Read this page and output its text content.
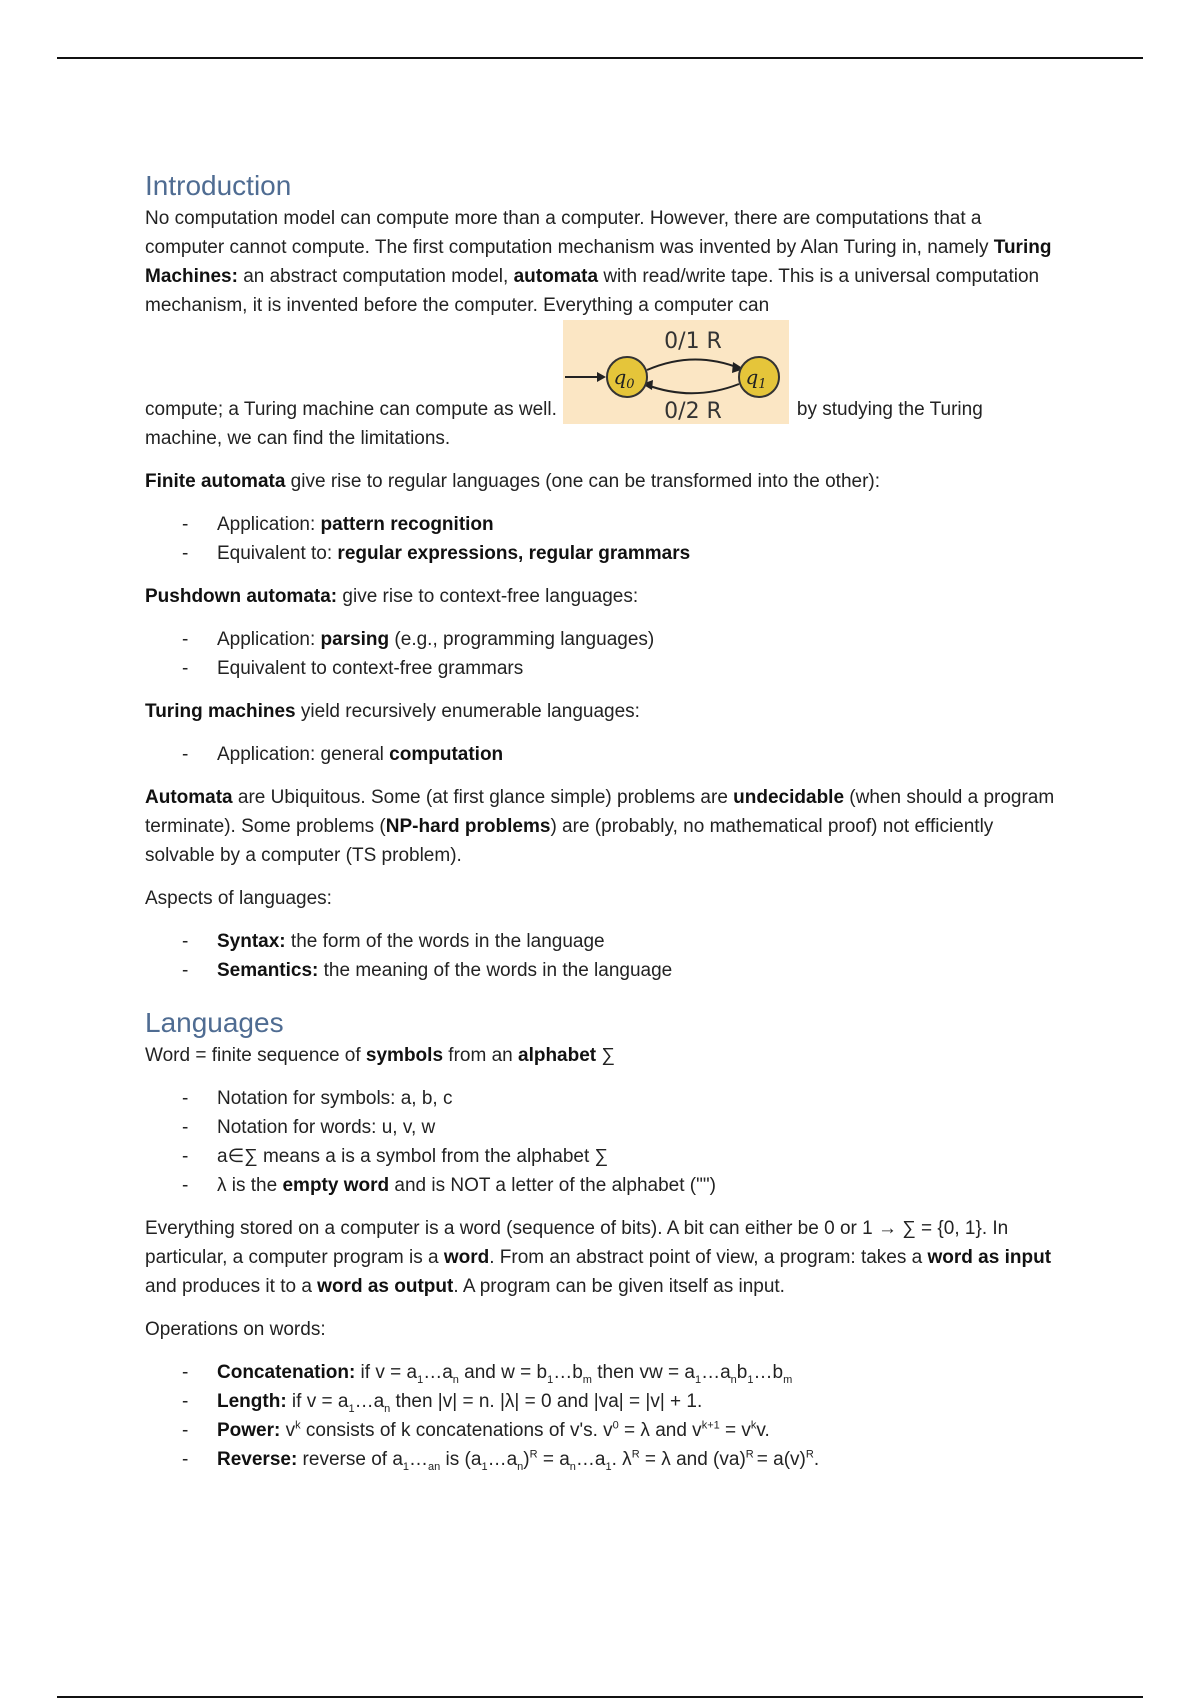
Introduction

No computation model can compute more than a computer. However, there are computations that a computer cannot compute. The first computation mechanism was invented by Alan Turing in, namely Turing Machines: an abstract computation model, automata with read/write tape. This is a universal computation mechanism, it is invented before the computer. Everything a computer can

compute; a Turing machine can compute as well.
0/1 R
0/2 R
$q_0$	$q_1$
by studying the Turing

machine, we can find the limitations.

Finite automata give rise to regular languages (one can be transformed into the other):

- Application: pattern recognition
- Equivalent to: regular expressions, regular grammars

Pushdown automata: give rise to context-free languages:

- Application: parsing (e.g., programming languages)
- Equivalent to context-free grammars

Turing machines yield recursively enumerable languages:

- Application: general computation

Automata are Ubiquitous. Some (at first glance simple) problems are undecidable (when should a program terminate). Some problems (NP-hard problems) are (probably, no mathematical proof) not efficiently solvable by a computer (TS problem).

Aspects of languages:

- Syntax: the form of the words in the language
- Semantics: the meaning of the words in the language
Languages

Word = finite sequence of symbols from an alphabet ∑

- Notation for symbols: a, b, c
- Notation for words: u, v, w
- a∈∑ means a is a symbol from the alphabet ∑
- λ is the empty word and is NOT a letter of the alphabet ("")

Everything stored on a computer is a word (sequence of bits). A bit can either be 0 or 1 → ∑ = {0, 1}. In particular, a computer program is a word. From an abstract point of view, a program: takes a word as input and produces it to a word as output. A program can be given itself as input.

Operations on words:

- Concatenation: if $v = a_1\dots a_n$ and $w = b_1\dots b_m$ then vw = $a_1\dots a_nb_1\dots b_m$
- Length: if $v = a_1\dots a_n$ then |v| = n. |λ| = 0 and |va| = |v| + 1.
- Power: $v^k$ consists of k concatenations of v's. $v^0 = \lambda$ and $v^{k+1} = v^kv$.
- Reverse: reverse of $a_1\dots_{an}$ is $(a_1\dots a_n)^R$ = $a_n\dots a_1$. $\lambda^R = \lambda$ and $(va)^R = a(v)^R$.
